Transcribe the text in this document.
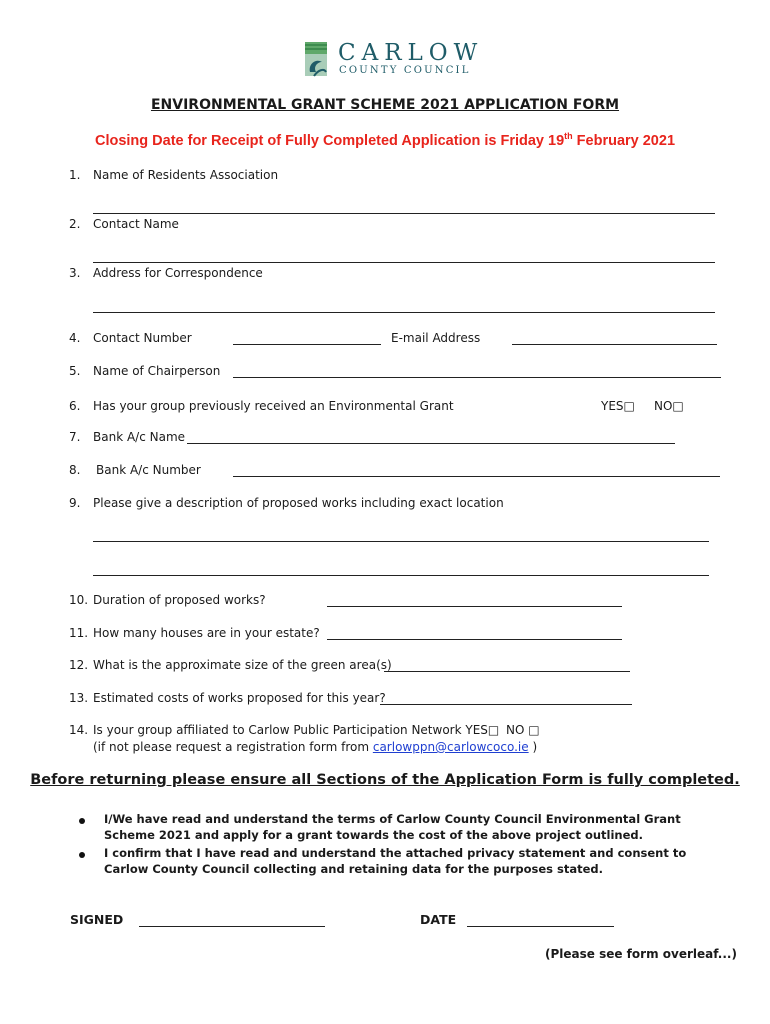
CARLOW
COUNTY COUNCIL
ENVIRONMENTAL GRANT SCHEME 2021 APPLICATION FORM
Closing Date for Receipt of Fully Completed Application is Friday 19th February 2021
1. Name of Residents Association
2. Contact Name
3. Address for Correspondence
4. Contact Number	E-mail Address
5. Name of Chairperson
6. Has your group previously received an Environmental Grant	YES□ NO□
7. Bank A/c Name
8. Bank A/c Number
9. Please give a description of proposed works including exact location
10. Duration of proposed works?
11. How many houses are in your estate?
12. What is the approximate size of the green area(s)
13. Estimated costs of works proposed for this year?
14. Is your group affiliated to Carlow Public Participation Network YES□ NO □
(if not please request a registration form from carlowppn@carlowcoco.ie )
Before returning please ensure all Sections of the Application Form is fully completed.
I/We have read and understand the terms of Carlow County Council Environmental Grant Scheme 2021 and apply for a grant towards the cost of the above project outlined.
I confirm that I have read and understand the attached privacy statement and consent to Carlow County Council collecting and retaining data for the purposes stated.
SIGNED	DATE
(Please see form overleaf...)
